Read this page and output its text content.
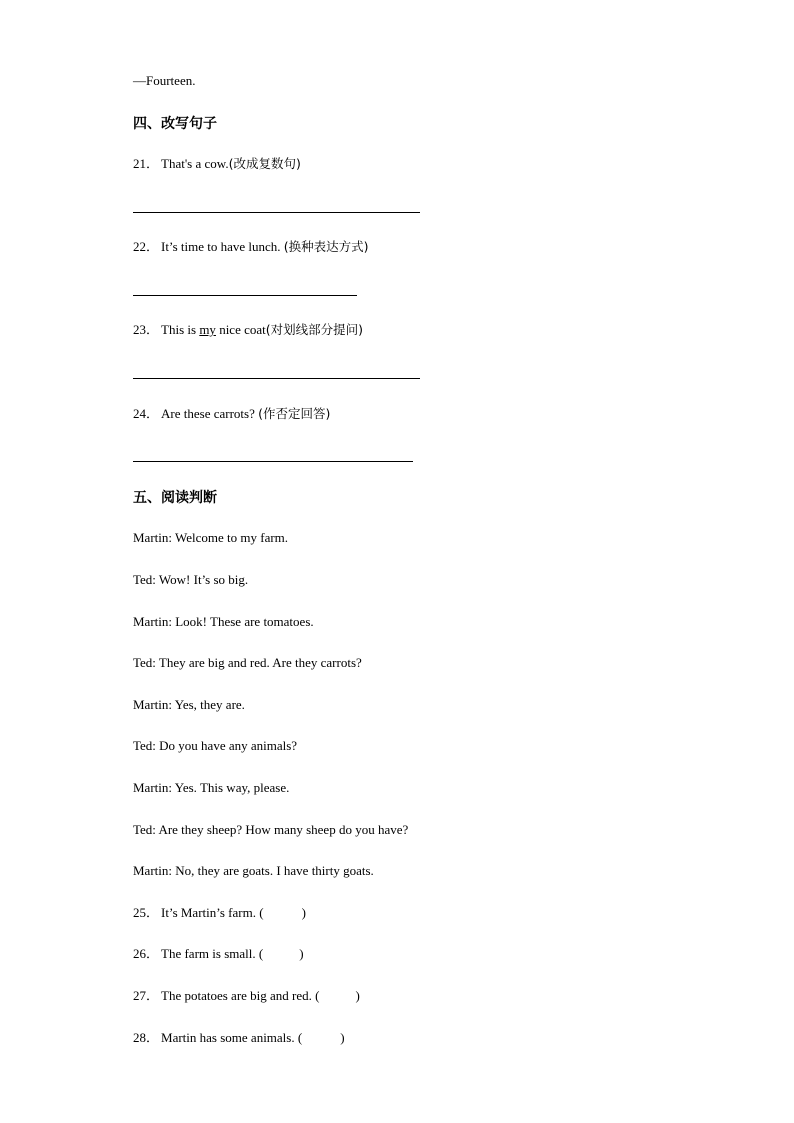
—Fourteen.
四、改写句子
21． That's a cow.(改成复数句)
22． It’s time to have lunch. (换种表达方式)
23． This is my nice coat(对划线部分提问)
24． Are these carrots? (作否定回答)
五、阅读判断
Martin: Welcome to my farm.
Ted: Wow! It’s so big.
Martin: Look! These are tomatoes.
Ted: They are big and red. Are they carrots?
Martin: Yes, they are.
Ted: Do you have any animals?
Martin: Yes. This way, please.
Ted: Are they sheep? How many sheep do you have?
Martin: No, they are goats. I have thirty goats.
25． It’s Martin’s farm. (	)
26． The farm is small. (	)
27． The potatoes are big and red. (	)
28． Martin has some animals. (	)
